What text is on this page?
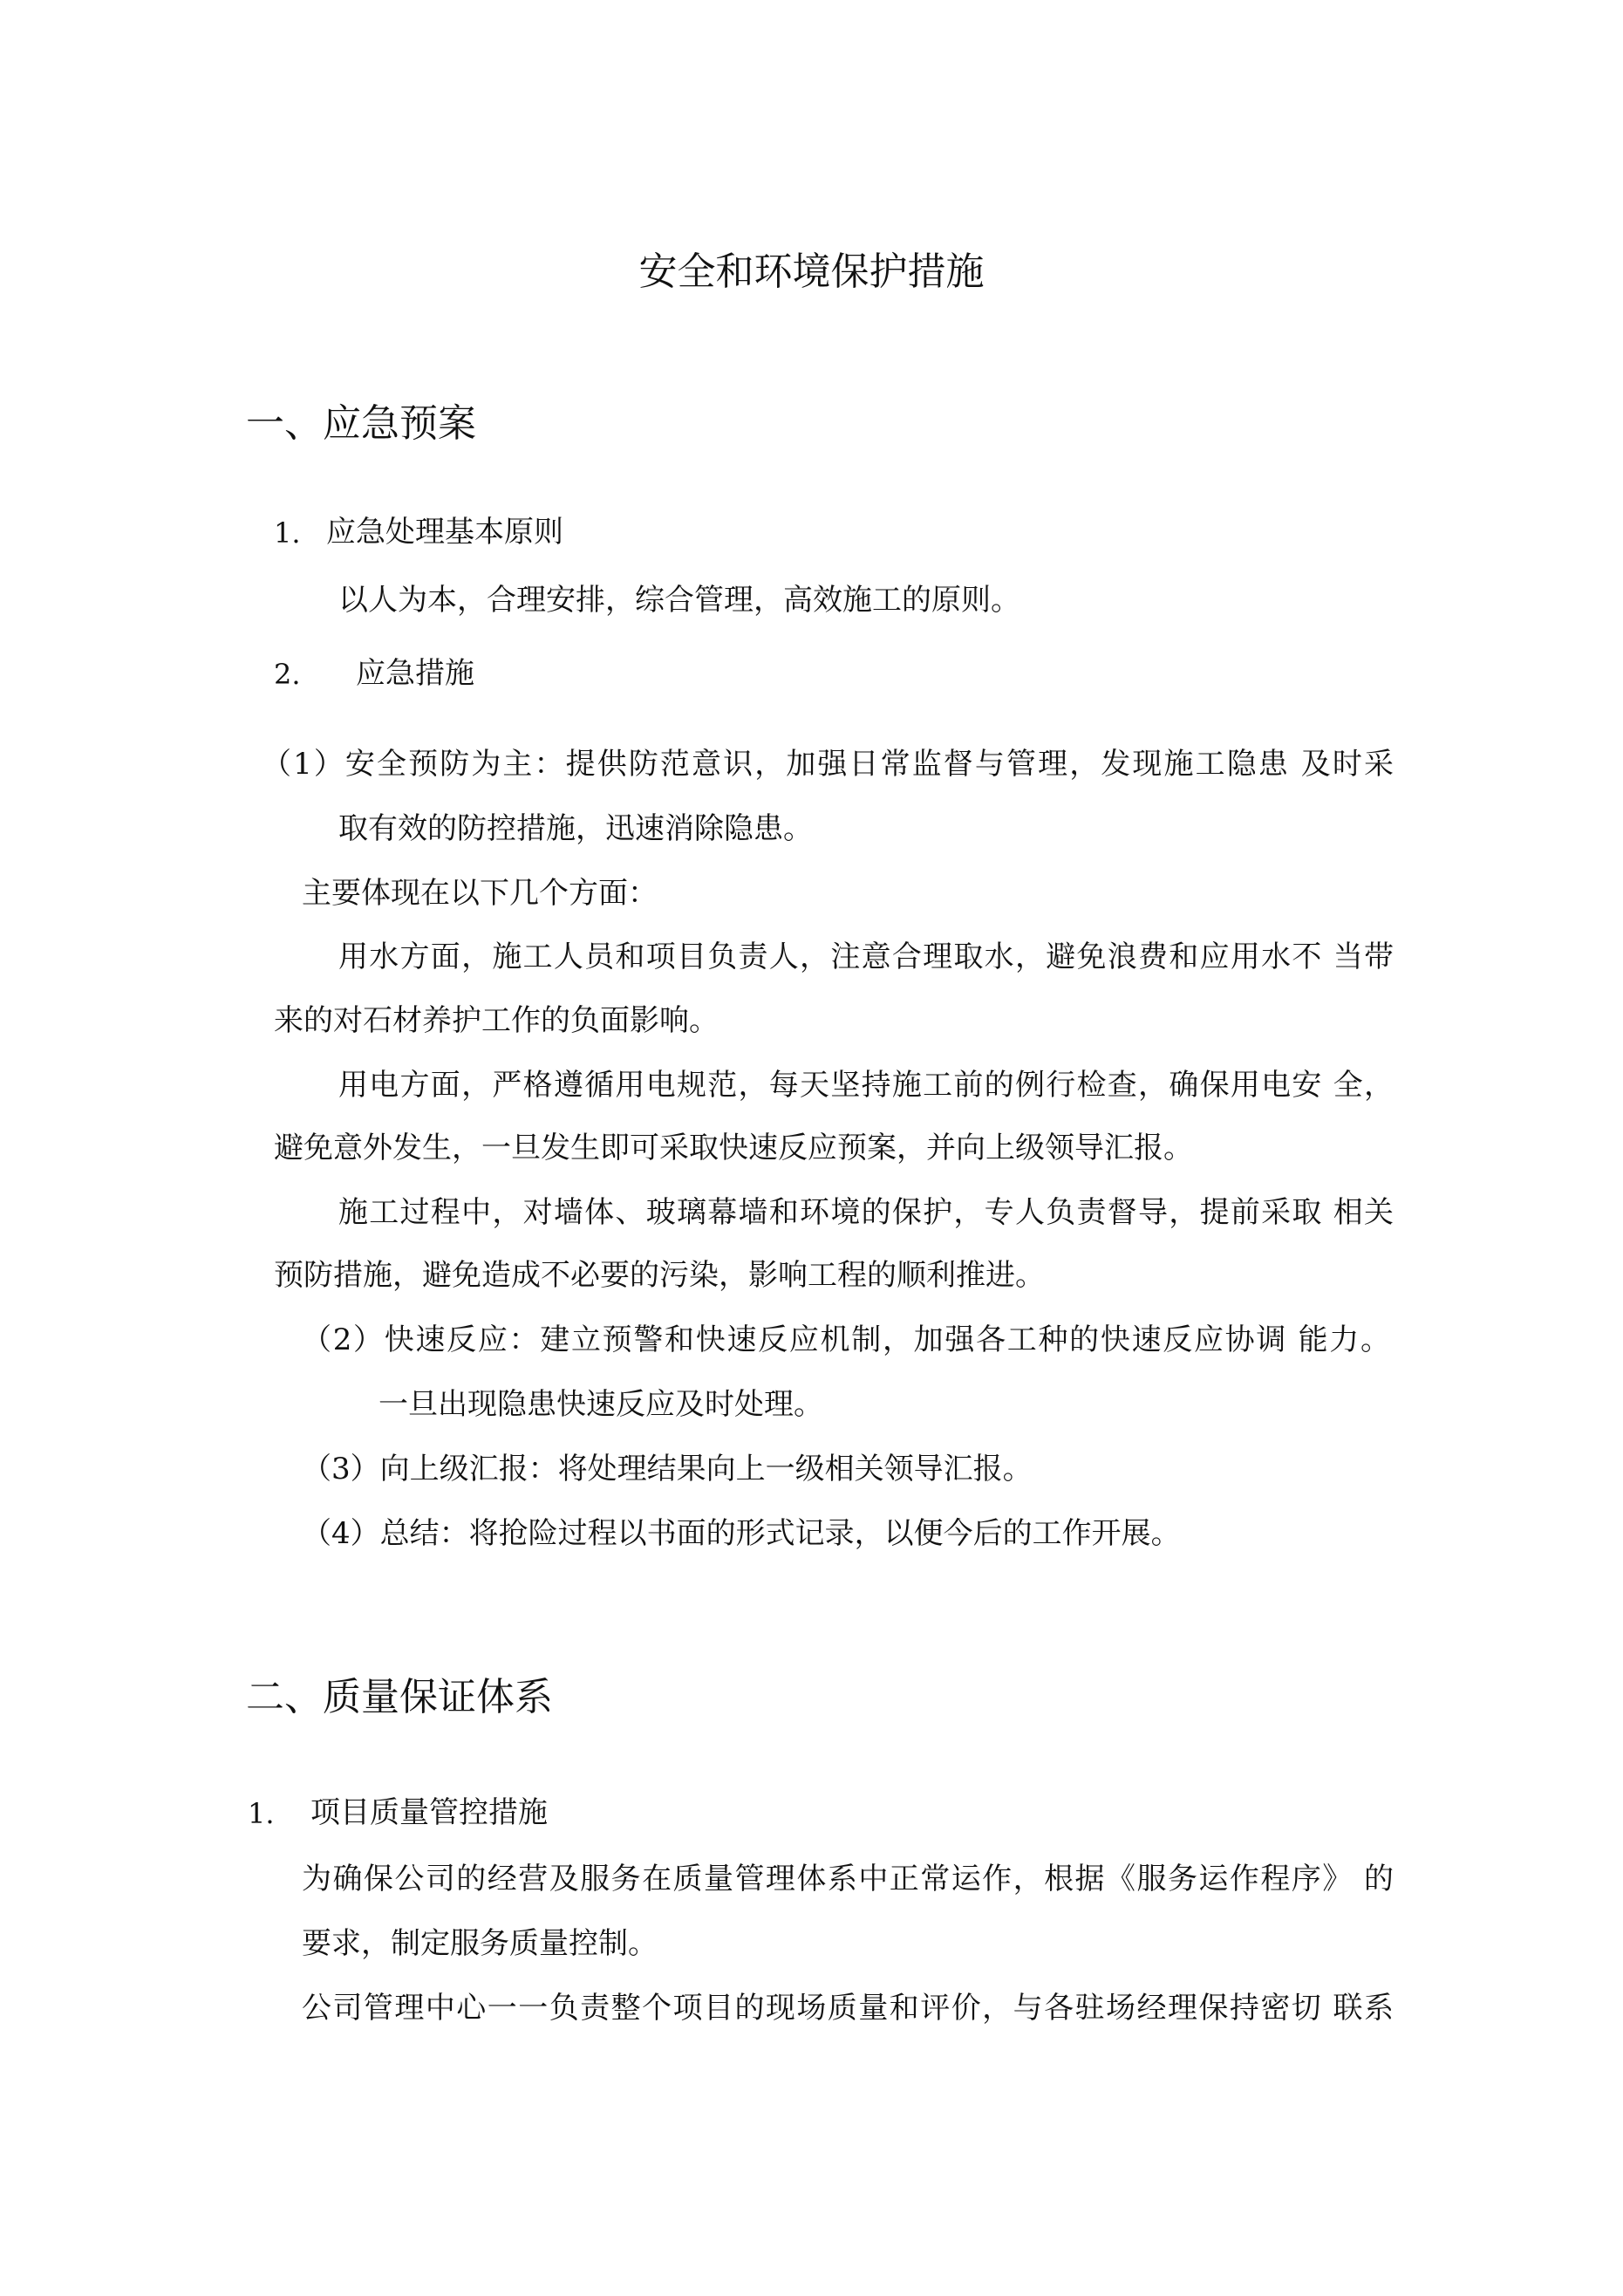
安全和环境保护措施
一、应急预案
1. 应急处理基本原则
以人为本，合理安排，综合管理，高效施工的原则。
2. 应急措施
（1）安全预防为主：提供防范意识，加强日常监督与管理，发现施工隐患 及时采
取有效的防控措施，迅速消除隐患。
主要体现在以下几个方面：
用水方面，施工人员和项目负责人，注意合理取水，避免浪费和应用水不 当带
来的对石材养护工作的负面影响。
用电方面，严格遵循用电规范，每天坚持施工前的例行检查，确保用电安 全，
避免意外发生，一旦发生即可采取快速反应预案，并向上级领导汇报。
施工过程中，对墙体、玻璃幕墙和环境的保护，专人负责督导，提前采取 相关
预防措施，避免造成不必要的污染，影响工程的顺利推进。
（2）快速反应：建立预警和快速反应机制，加强各工种的快速反应协调 能力。
一旦出现隐患快速反应及时处理。
（3）向上级汇报：将处理结果向上一级相关领导汇报。
（4）总结：将抢险过程以书面的形式记录，以便今后的工作开展。
二、质量保证体系
1. 项目质量管控措施
为确保公司的经营及服务在质量管理体系中正常运作，根据《服务运作程序》 的
要求，制定服务质量控制。
公司管理中心一一负责整个项目的现场质量和评价，与各驻场经理保持密切 联系
